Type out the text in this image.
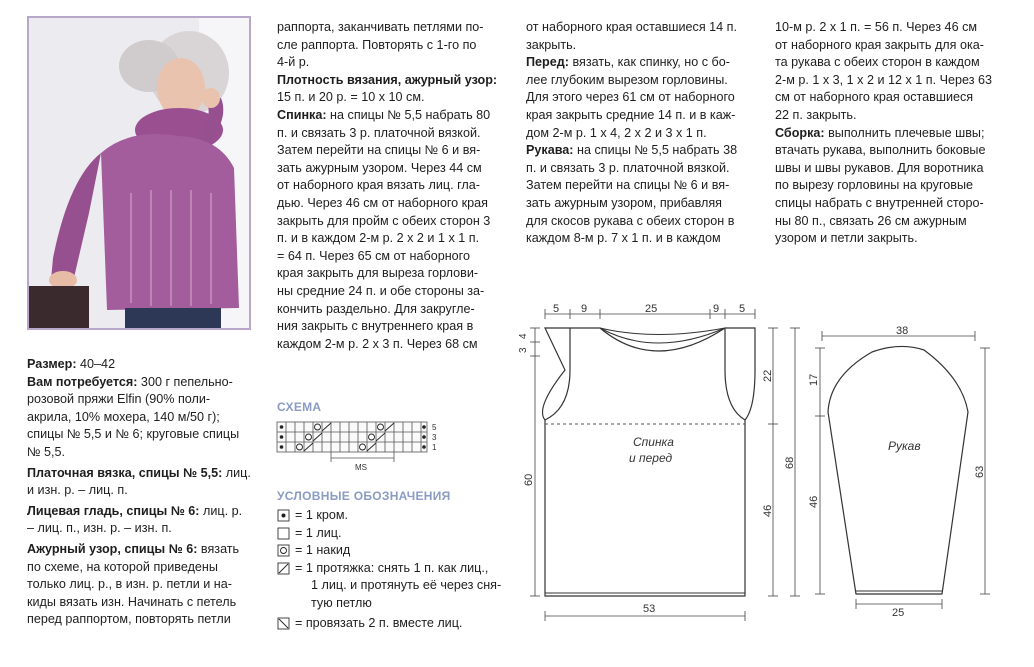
Размер: 40–42

Вам потребуется: 300 г пепельно-

розовой пряжи Elfin (90% поли-

акрила, 10% мохера, 140 м/50 г);

спицы № 5,5 и № 6; круговые спицы

№ 5,5.

Платочная вязка, спицы № 5,5: лиц.

и изн. р. – лиц. п.

Лицевая гладь, спицы № 6: лиц. р.

– лиц. п., изн. р. – изн. п.

Ажурный узор, спицы № 6: вязать

по схеме, на которой приведены

только лиц. р., в изн. р. петли и на-

киды вязать изн. Начинать с петель

перед раппортом, повторять петли

раппорта, заканчивать петлями по-

сле раппорта. Повторять с 1-го по

4-й р.

Плотность вязания, ажурный узор:

15 п. и 20 р. = 10 х 10 см.

Спинка: на спицы № 5,5 набрать 80

п. и связать 3 р. платочной вязкой.

Затем перейти на спицы № 6 и вя-

зать ажурным узором. Через 44 см

от наборного края вязать лиц. гла-

дью. Через 46 см от наборного края

закрыть для пройм с обеих сторон 3

п. и в каждом 2-м р. 2 х 2 и 1 х 1 п.

= 64 п. Через 65 см от наборного

края закрыть для выреза горлови-

ны средние 24 п. и обе стороны за-

кончить раздельно. Для закругле-

ния закрыть с внутреннего края в

каждом 2-м р. 2 х 3 п. Через 68 см

от наборного края оставшиеся 14 п.

закрыть.

Перед: вязать, как спинку, но с бо-

лее глубоким вырезом горловины.

Для этого через 61 см от наборного

края закрыть средние 14 п. и в каж-

дом 2-м р. 1 х 4, 2 х 2 и 3 х 1 п.

Рукава: на спицы № 5,5 набрать 38

п. и связать 3 р. платочной вязкой.

Затем перейти на спицы № 6 и вя-

зать ажурным узором, прибавляя

для скосов рукава с обеих сторон в

каждом 8-м р. 7 х 1 п. и в каждом

10-м р. 2 х 1 п. = 56 п. Через 46 см

от наборного края закрыть для ока-

та рукава с обеих сторон в каждом

2-м р. 1 х 3, 1 х 2 и 12 х 1 п. Через 63

см от наборного края оставшиеся

22 п. закрыть.

Сборка: выполнить плечевые швы;

втачать рукава, выполнить боковые

швы и швы рукавов. Для воротника

по вырезу горловины на круговые

спицы набрать с внутренней сторо-

ны 80 п., связать 26 см ажурным

узором и петли закрыть.

СХЕМА
MS
5
3
1
УСЛОВНЫЕ ОБОЗНАЧЕНИЯ
= 1 кром.
= 1 лиц.
= 1 накид
= 1 протяжка: снять 1 п. как лиц.,
1 лиц. и протянуть её через сня-
тую петлю
= провязать 2 п. вместе лиц.
5 9	25	9 5
4
3
60
22
46
68
53
Спинка
и перед
38
17
46
63
25
Рукав
